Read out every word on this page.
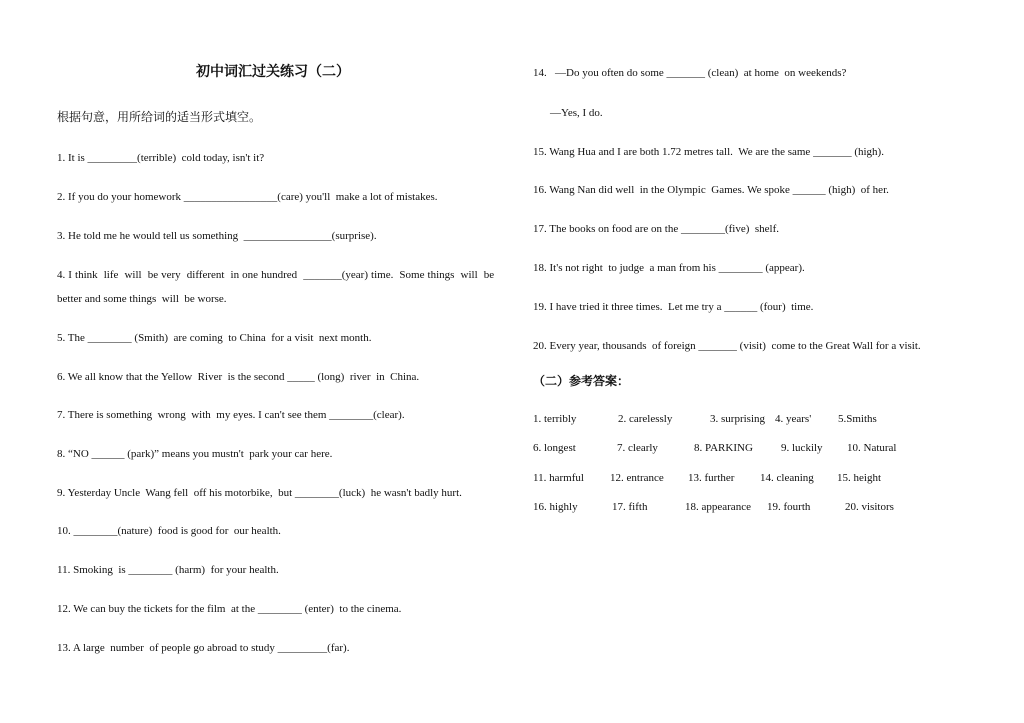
初中词汇过关练习（二）
根据句意，用所给词的适当形式填空。
1. It is _________(terrible)  cold today, isn't it?
2. If you do your homework _________________(care) you'll  make a lot of mistakes.
3. He told me he would tell us something  ________________(surprise).
4. I think  life  will  be very  different  in one hundred  _______(year) time.  Some things  will  be
better and some things  will  be worse.
5. The ________ (Smith)  are coming  to China  for a visit  next month.
6. We all know that the Yellow  River  is the second _____ (long)  river  in  China.
7. There is something  wrong  with  my eyes. I can't see them ________(clear).
8. “NO ______ (park)” means you mustn't  park your car here.
9. Yesterday Uncle  Wang fell  off his motorbike,  but ________(luck)  he wasn't badly hurt.
10. ________(nature)  food is good for  our health.
11. Smoking  is ________ (harm)  for your health.
12. We can buy the tickets for the film  at the ________ (enter)  to the cinema.
13. A large  number  of people go abroad to study _________(far).
14.   —Do you often do some _______ (clean)  at home  on weekends?
—Yes, I do.
15. Wang Hua and I are both 1.72 metres tall.  We are the same _______ (high).
16. Wang Nan did well  in the Olympic  Games. We spoke ______ (high)  of her.
17. The books on food are on the ________(five)  shelf.
18. It's not right  to judge  a man from his ________ (appear).
19. I have tried it three times.  Let me try a ______ (four)  time.
20. Every year, thousands  of foreign _______ (visit)  come to the Great Wall for a visit.
（二）参考答案：
1. terribly	2. carelessly	3. surprising 4. years' 5.Smiths
6. longest	7. clearly	8. PARKING	9. luckily 10. Natural
11. harmful 12. entrance 13. further 14. cleaning 15. height
16. highly	17. fifth	18. appearance 19. fourth	20. visitors
